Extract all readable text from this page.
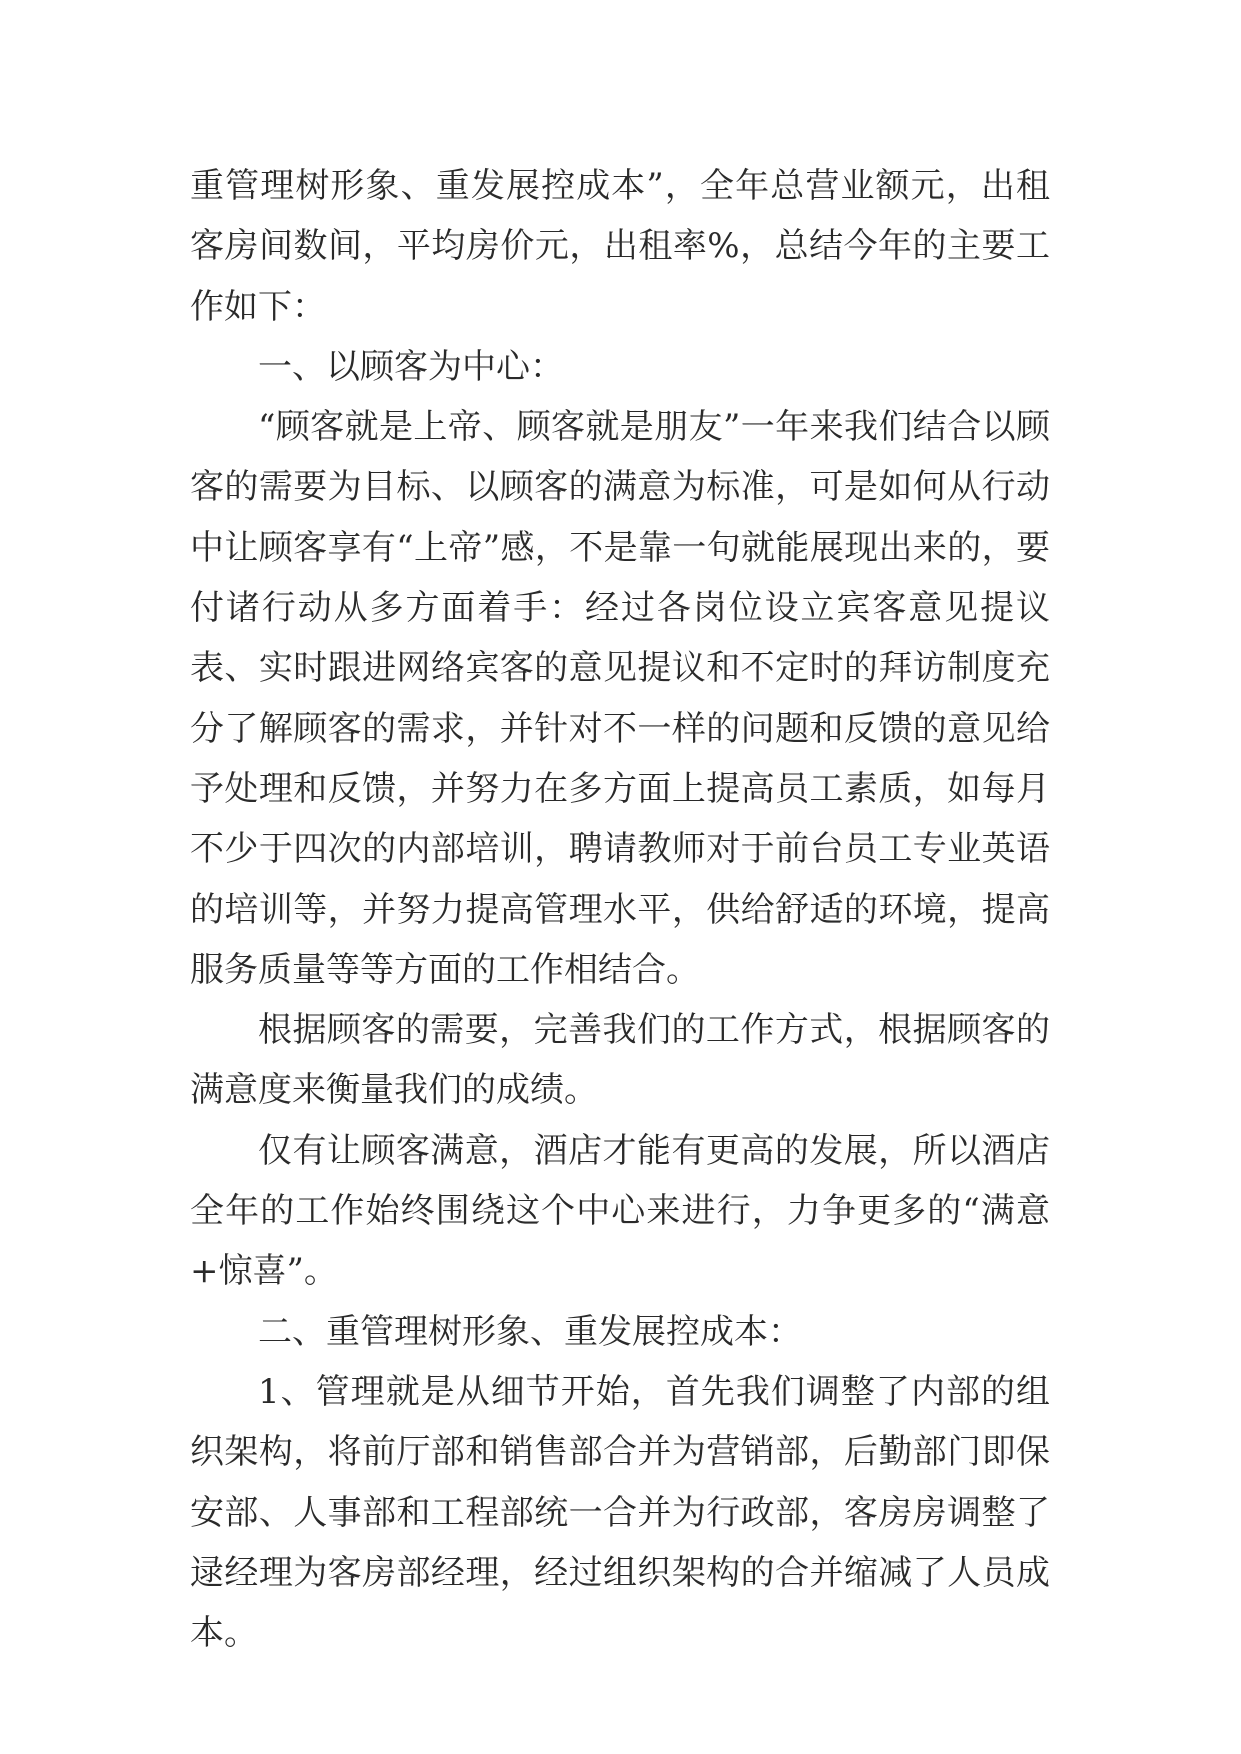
重管理树形象、重发展控成本”，全年总营业额元，出租客房间数间，平均房价元，出租率%，总结今年的主要工作如下：

一、以顾客为中心：

“顾客就是上帝、顾客就是朋友”一年来我们结合以顾客的需要为目标、以顾客的满意为标准，可是如何从行动中让顾客享有“上帝”感，不是靠一句就能展现出来的，要付诸行动从多方面着手：经过各岗位设立宾客意见提议表、实时跟进网络宾客的意见提议和不定时的拜访制度充分了解顾客的需求，并针对不一样的问题和反馈的意见给予处理和反馈，并努力在多方面上提高员工素质，如每月不少于四次的内部培训，聘请教师对于前台员工专业英语的培训等，并努力提高管理水平，供给舒适的环境，提高服务质量等等方面的工作相结合。

根据顾客的需要，完善我们的工作方式，根据顾客的满意度来衡量我们的成绩。

仅有让顾客满意，酒店才能有更高的发展，所以酒店全年的工作始终围绕这个中心来进行，力争更多的“满意+惊喜”。

二、重管理树形象、重发展控成本：

1、管理就是从细节开始，首先我们调整了内部的组织架构，将前厅部和销售部合并为营销部，后勤部门即保安部、人事部和工程部统一合并为行政部，客房房调整了逯经理为客房部经理，经过组织架构的合并缩减了人员成本。
